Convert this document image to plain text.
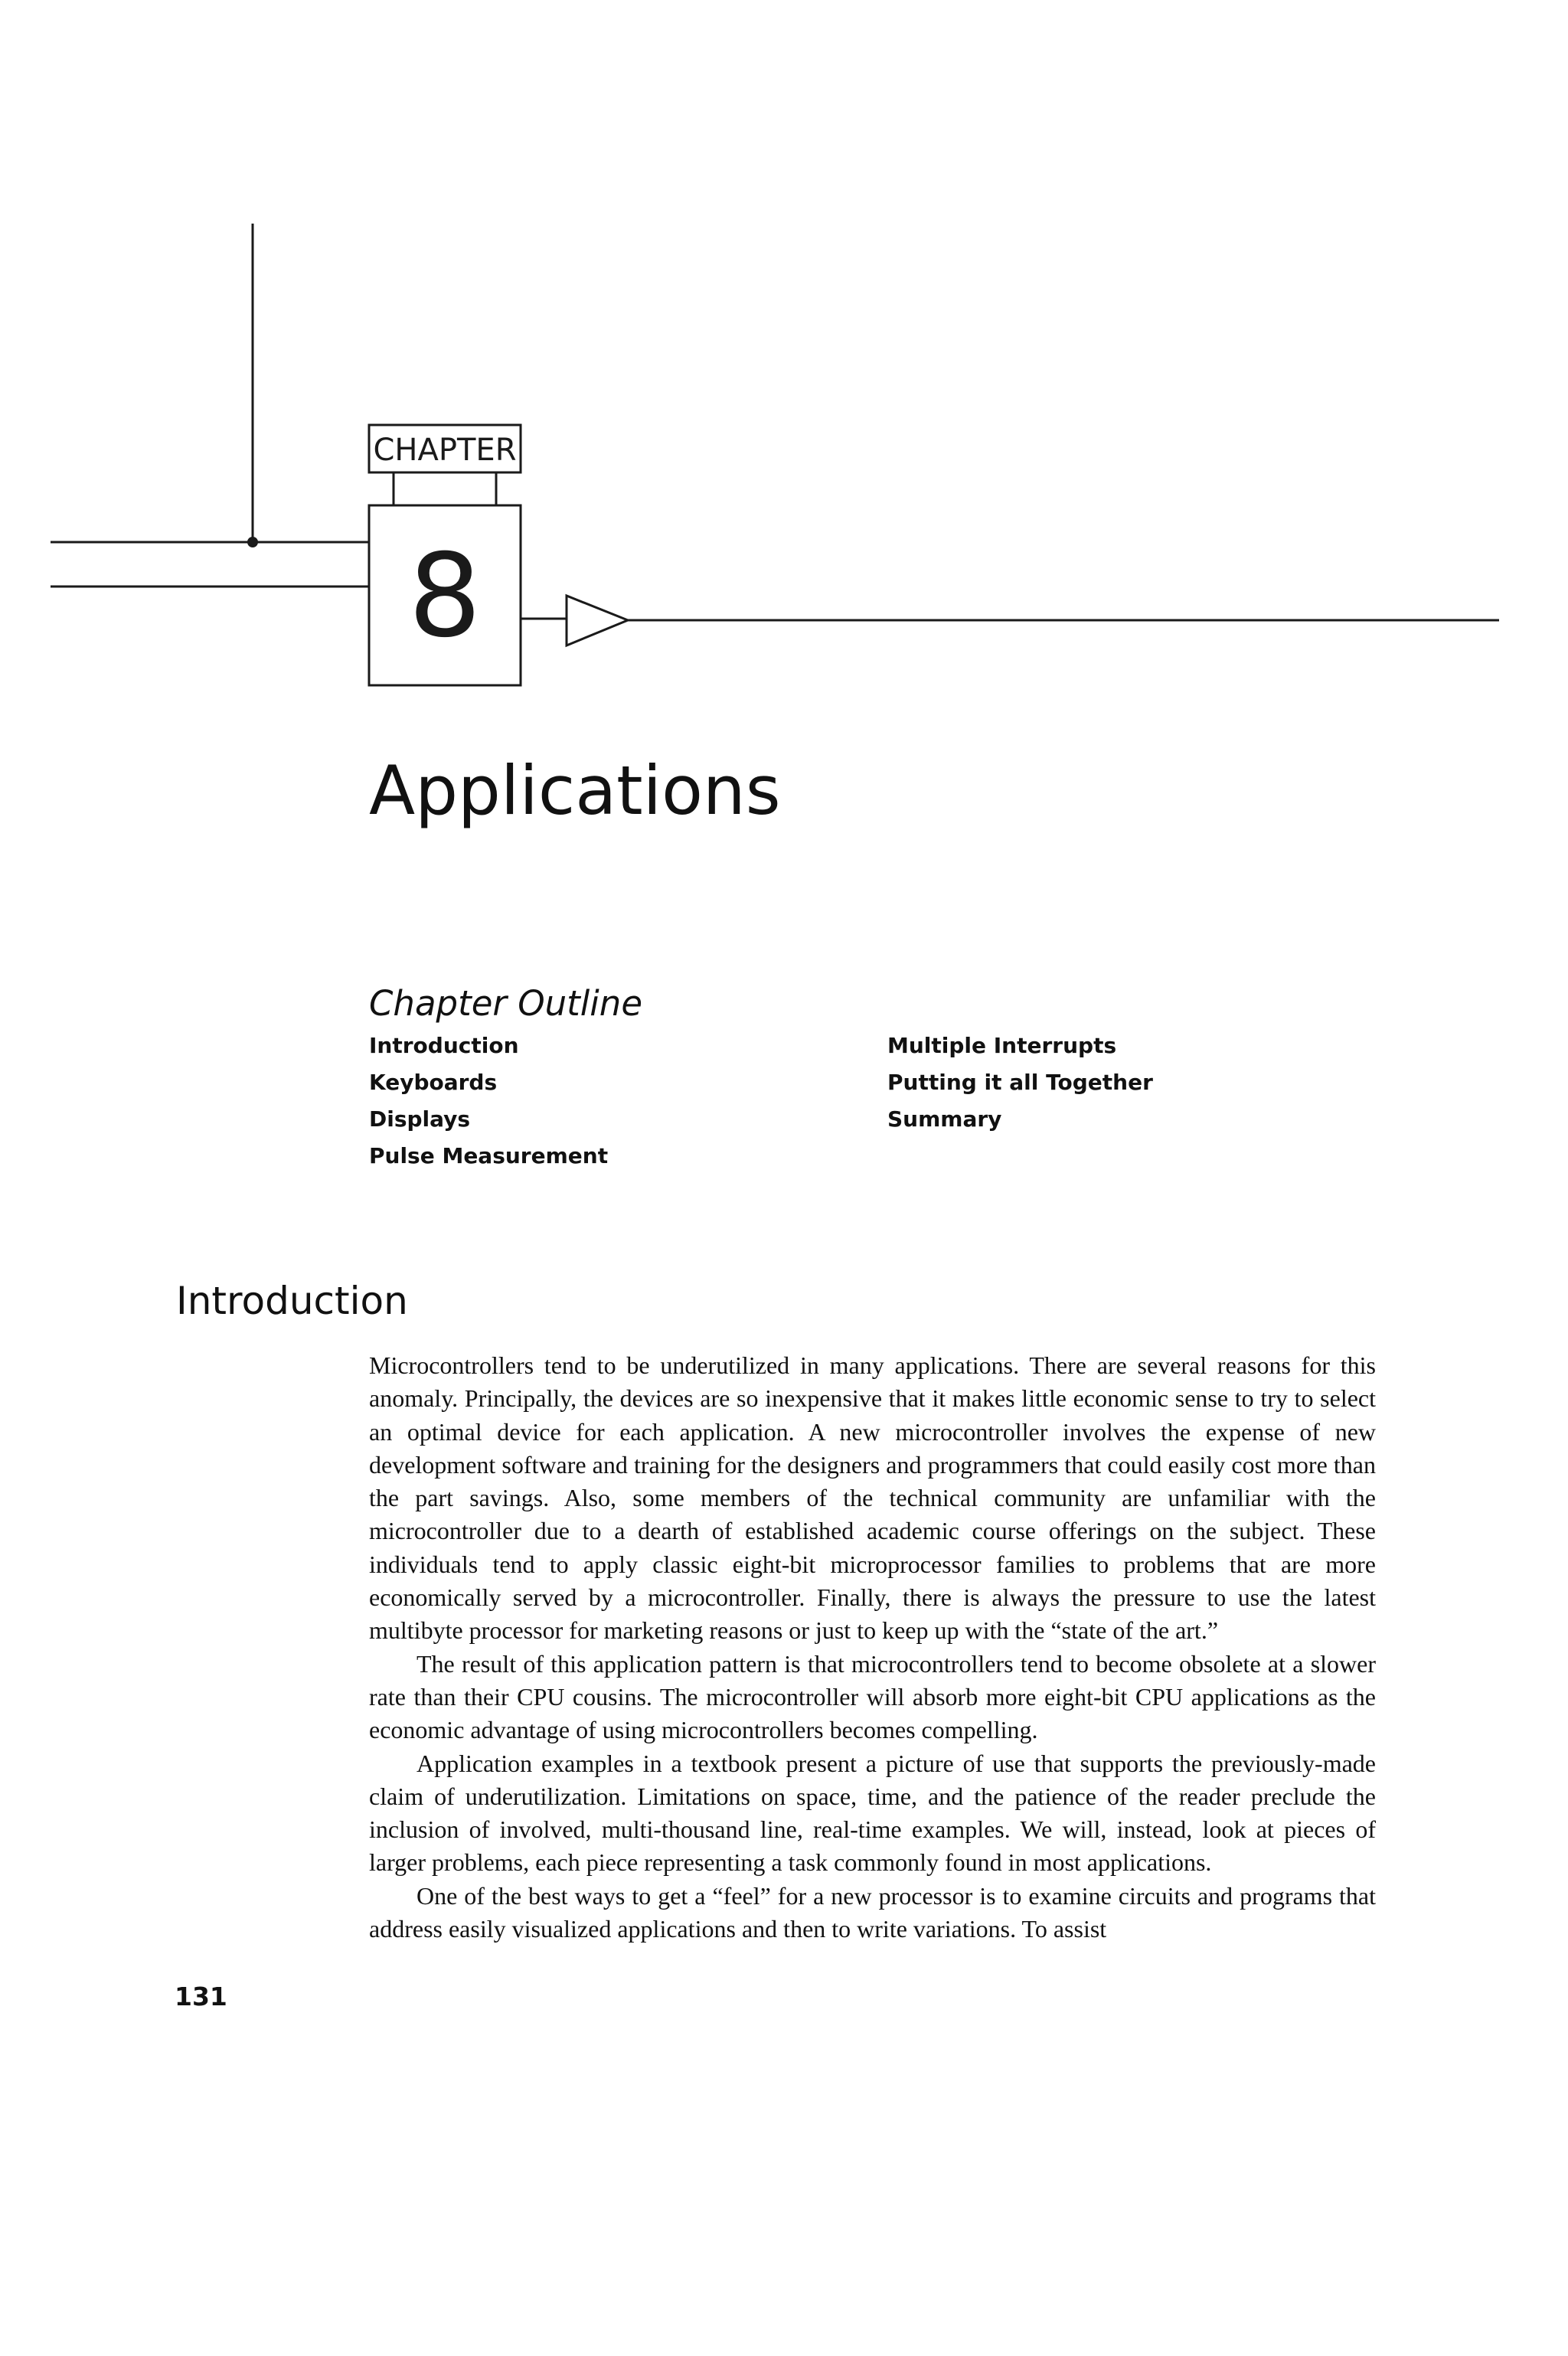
CHAPTER
8
Applications
Chapter Outline
Introduction
Keyboards
Displays
Pulse Measurement
Multiple Interrupts
Putting it all Together
Summary
Introduction

Microcontrollers tend to be underutilized in many applications. There are several reasons for this anomaly. Principally, the devices are so inexpensive that it makes little economic sense to try to select an optimal device for each application. A new microcontroller involves the expense of new development software and training for the designers and programmers that could easily cost more than the part savings. Also, some members of the technical community are unfamiliar with the microcontroller due to a dearth of established academic course offerings on the subject. These individuals tend to apply classic eight-bit microprocessor families to problems that are more economically served by a microcontroller. Finally, there is always the pressure to use the latest multibyte processor for marketing reasons or just to keep up with the “state of the art.”

The result of this application pattern is that microcontrollers tend to become obsolete at a slower rate than their CPU cousins. The microcontroller will absorb more eight-bit CPU applications as the economic advantage of using microcontrollers becomes compelling.

Application examples in a textbook present a picture of use that supports the previously-made claim of underutilization. Limitations on space, time, and the patience of the reader preclude the inclusion of involved, multi-thousand line, real-time examples. We will, instead, look at pieces of larger problems, each piece representing a task commonly found in most applications.

One of the best ways to get a “feel” for a new processor is to examine circuits and programs that address easily visualized applications and then to write variations. To assist

131
